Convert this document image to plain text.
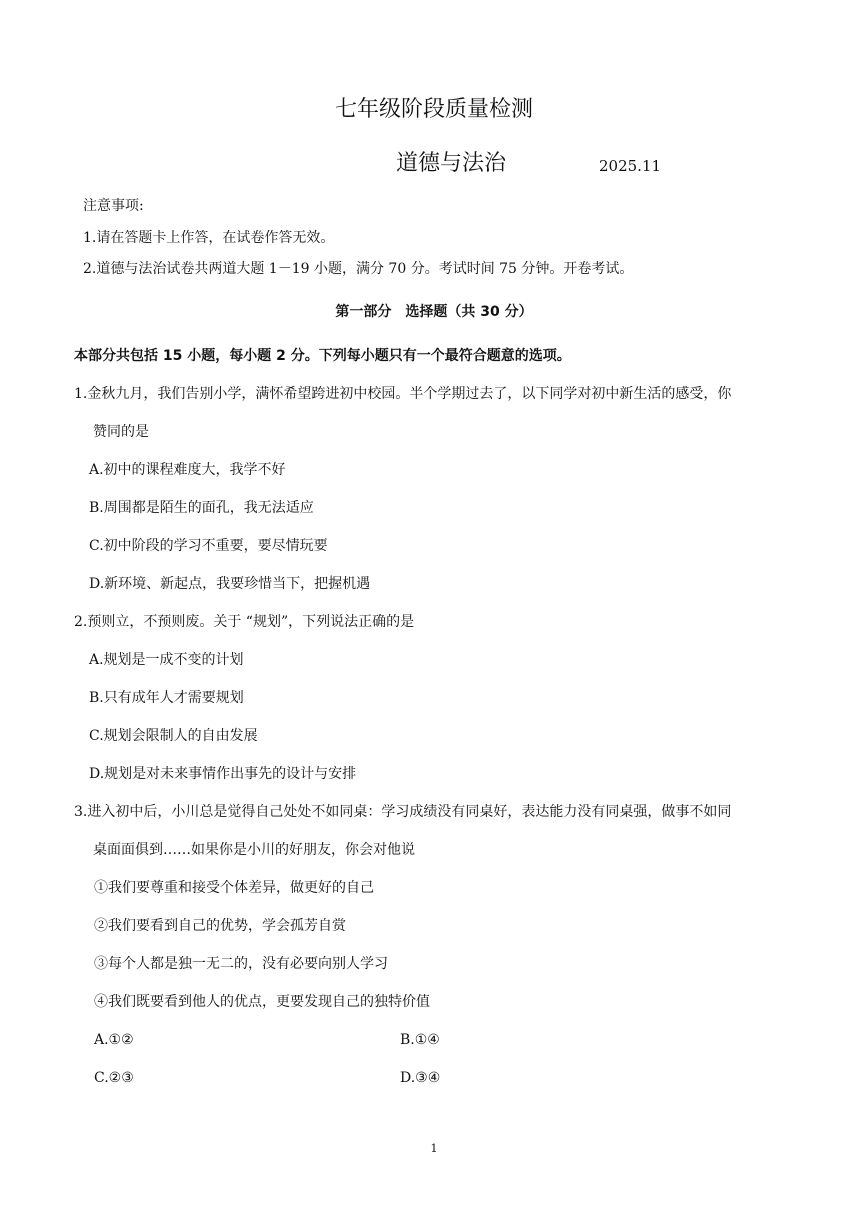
七年级阶段质量检测
道德与法治	2025.11
注意事项:
1.请在答题卡上作答，在试卷作答无效。
2.道德与法治试卷共两道大题 1－19 小题，满分 70 分。考试时间 75 分钟。开卷考试。
第一部分　选择题（共 30 分）
本部分共包括 15 小题，每小题 2 分。下列每小题只有一个最符合题意的选项。
1.金秋九月，我们告别小学，满怀希望跨进初中校园。半个学期过去了，以下同学对初中新生活的感受，你
赞同的是
A.初中的课程难度大，我学不好
B.周围都是陌生的面孔，我无法适应
C.初中阶段的学习不重要，要尽情玩要
D.新环境、新起点，我要珍惜当下，把握机遇
2.预则立，不预则废。关于 “规划”，下列说法正确的是
A.规划是一成不变的计划
B.只有成年人才需要规划
C.规划会限制人的自由发展
D.规划是对未来事情作出事先的设计与安排
3.进入初中后，小川总是觉得自己处处不如同桌：学习成绩没有同桌好，表达能力没有同桌强，做事不如同
桌面面俱到……如果你是小川的好朋友，你会对他说
①我们要尊重和接受个体差异，做更好的自己
②我们要看到自己的优势，学会孤芳自赏
③每个人都是独一无二的，没有必要向别人学习
④我们既要看到他人的优点，更要发现自己的独特价值
A.①②	B.①④
C.②③	D.③④
1
